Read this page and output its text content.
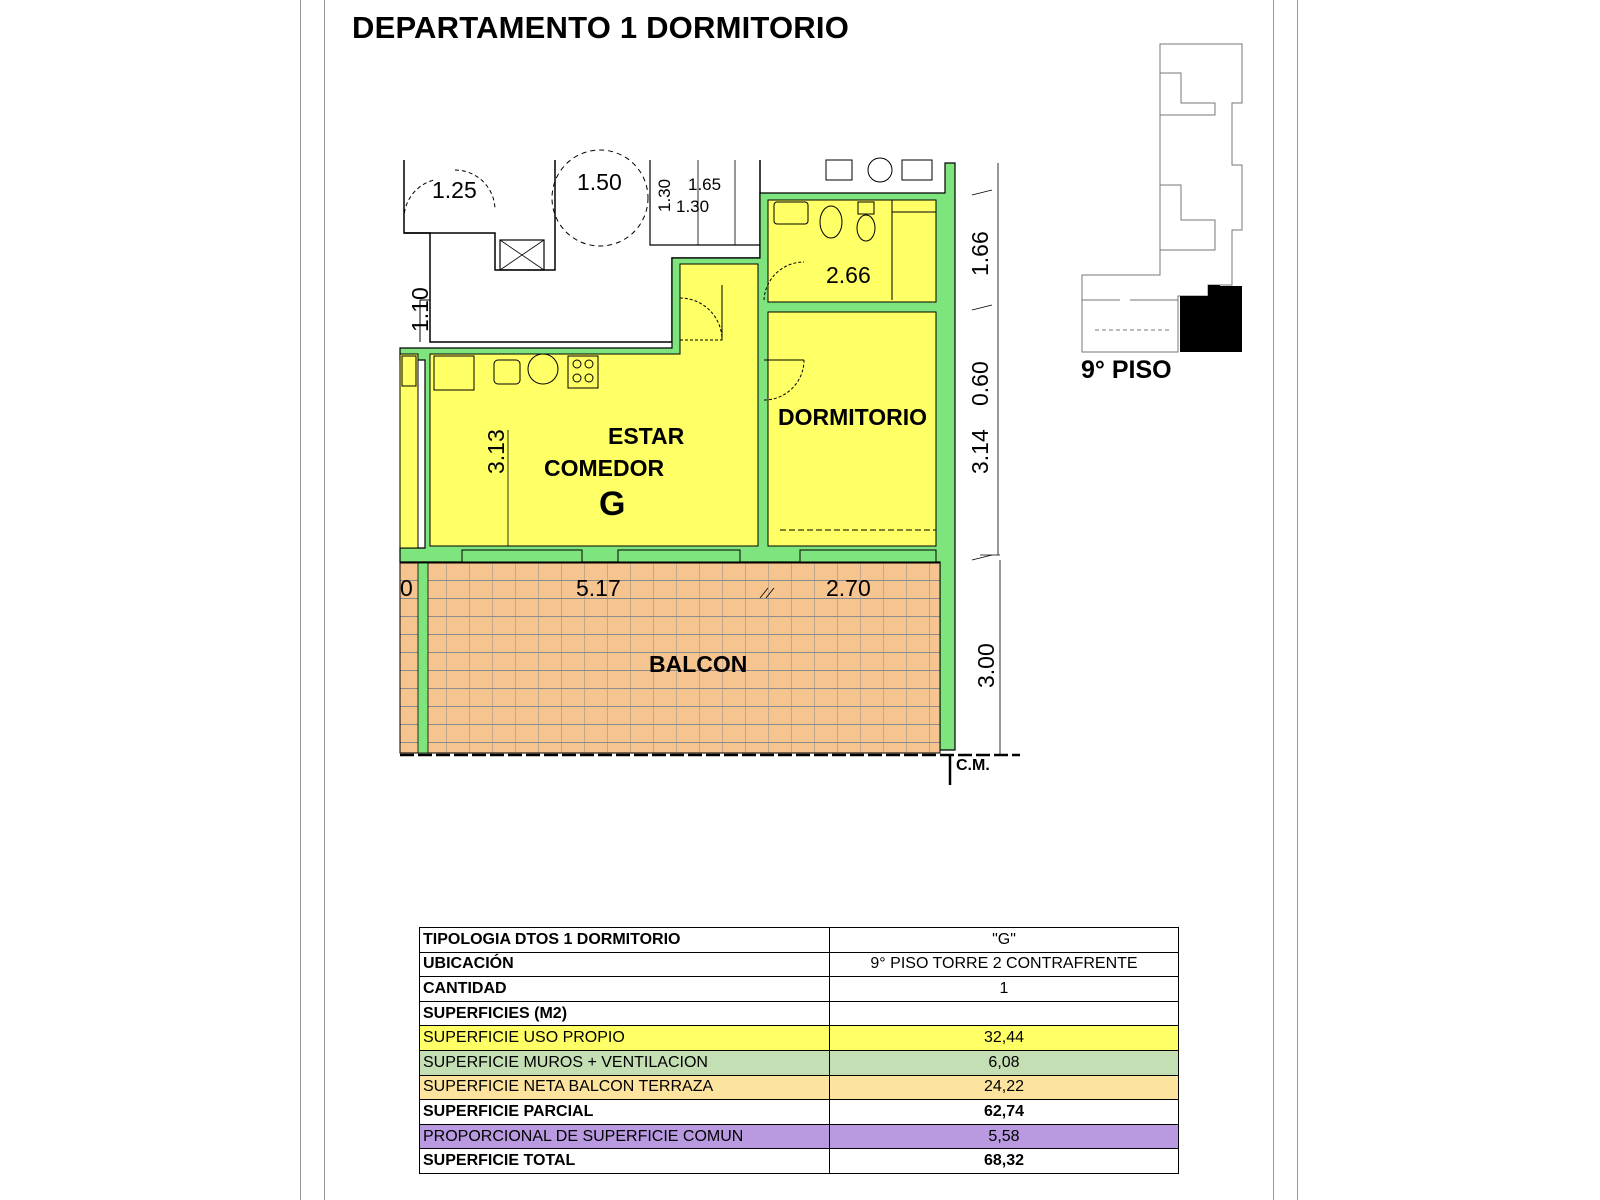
DEPARTAMENTO 1 DORMITORIO
ESTAR
COMEDOR
G
DORMITORIO
BALCON
2.66
1.25	1.50 1.30 1.65
1.30
1.10
3.13
0	5.17	2.70
1.66
0.60
3.14
3.00
C.M.
9° PISO
TIPOLOGIA DTOS 1 DORMITORIO	"G"
UBICACIÓN	9° PISO TORRE 2 CONTRAFRENTE
CANTIDAD	1
SUPERFICIES (M2)	
SUPERFICIE USO PROPIO	32,44
SUPERFICIE MUROS + VENTILACION	6,08
SUPERFICIE NETA BALCON TERRAZA	24,22
SUPERFICIE PARCIAL	62,74
PROPORCIONAL DE SUPERFICIE COMUN	5,58
SUPERFICIE TOTAL	68,32
